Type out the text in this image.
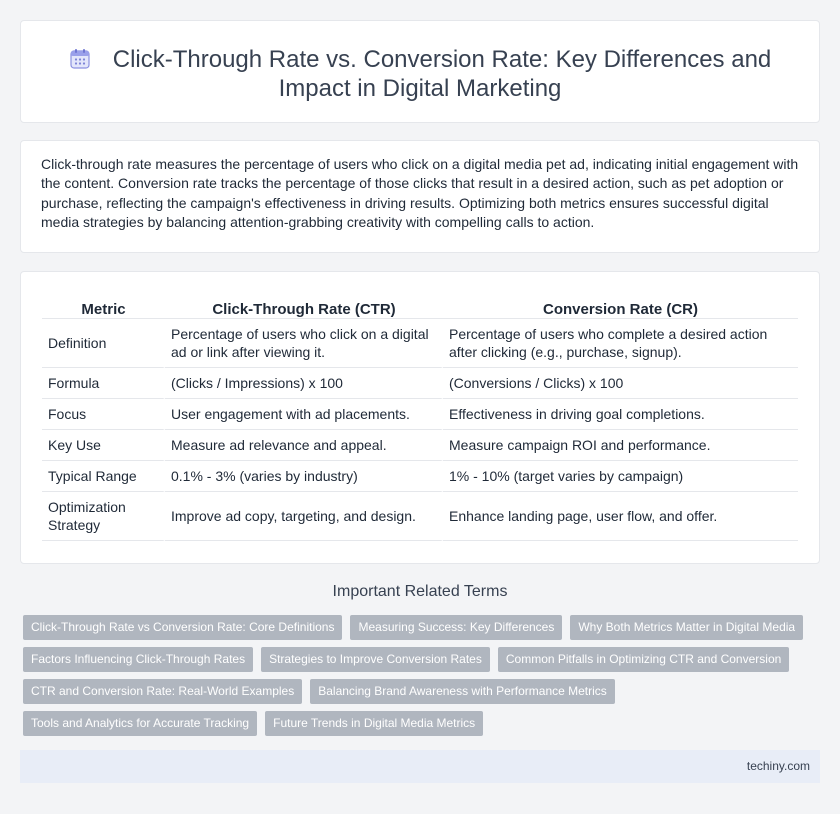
Click-Through Rate vs. Conversion Rate: Key Differences and Impact in Digital Marketing

Click-through rate measures the percentage of users who click on a digital media pet ad, indicating initial engagement with the content. Conversion rate tracks the percentage of those clicks that result in a desired action, such as pet adoption or purchase, reflecting the campaign's effectiveness in driving results. Optimizing both metrics ensures successful digital media strategies by balancing attention-grabbing creativity with compelling calls to action.

Metric	Click-Through Rate (CTR)	Conversion Rate (CR)
Definition	Percentage of users who click on a digital ad or link after viewing it.	Percentage of users who complete a desired action after clicking (e.g., purchase, signup).
Formula	(Clicks / Impressions) x 100	(Conversions / Clicks) x 100
Focus	User engagement with ad placements.	Effectiveness in driving goal completions.
Key Use	Measure ad relevance and appeal.	Measure campaign ROI and performance.
Typical Range	0.1% - 3% (varies by industry)	1% - 10% (target varies by campaign)
Optimization Strategy	Improve ad copy, targeting, and design.	Enhance landing page, user flow, and offer.
Important Related Terms
Click-Through Rate vs Conversion Rate: Core Definitions	Measuring Success: Key Differences	Why Both Metrics Matter in Digital Media
Factors Influencing Click-Through Rates	Strategies to Improve Conversion Rates	Common Pitfalls in Optimizing CTR and Conversion
CTR and Conversion Rate: Real-World Examples	Balancing Brand Awareness with Performance Metrics
Tools and Analytics for Accurate Tracking	Future Trends in Digital Media Metrics
techiny.com
